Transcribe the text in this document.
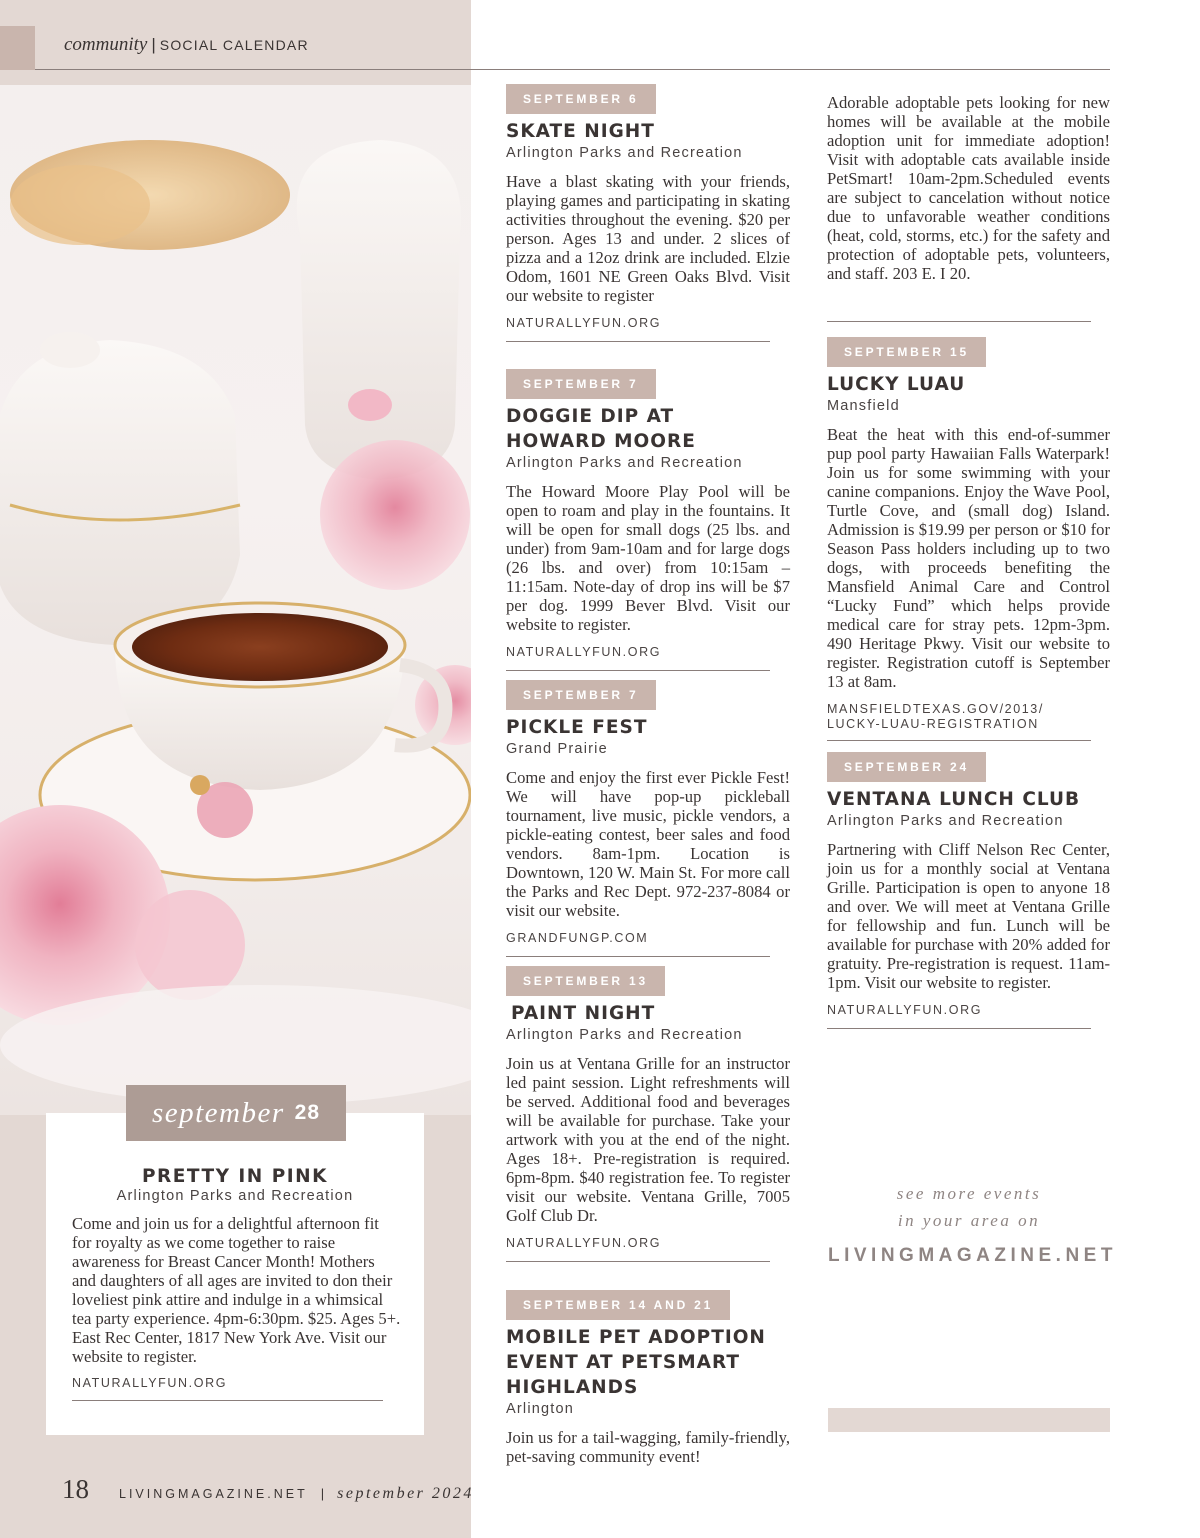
community | SOCIAL CALENDAR
september 28
PRETTY IN PINK
Arlington Parks and Recreation
Come and join us for a delightful afternoon fit for royalty as we come together to raise awareness for Breast Cancer Month! Mothers and daughters of all ages are invited to don their loveliest pink attire and indulge in a whimsical tea party experience. 4pm-6:30pm. $25. Ages 5+. East Rec Center, 1817 New York Ave. Visit our website to register.
NATURALLYFUN.ORG
SEPTEMBER 6
SKATE NIGHT
Arlington Parks and Recreation
Have a blast skating with your friends, playing games and participating in skating activities throughout the evening. $20 per person. Ages 13 and under. 2 slices of pizza and a 12oz drink are included. Elzie Odom, 1601 NE Green Oaks Blvd. Visit our website to register
NATURALLYFUN.ORG
SEPTEMBER 7
DOGGIE DIP AT HOWARD MOORE
Arlington Parks and Recreation
The Howard Moore Play Pool will be open to roam and play in the fountains. It will be open for small dogs (25 lbs. and under) from 9am-10am and for large dogs (26 lbs. and over) from 10:15am – 11:15am. Note-day of drop ins will be $7 per dog. 1999 Bever Blvd. Visit our website to register.
NATURALLYFUN.ORG
SEPTEMBER 7
PICKLE FEST
Grand Prairie
Come and enjoy the first ever Pickle Fest! We will have pop-up pickleball tournament, live music, pickle vendors, a pickle-eating contest, beer sales and food vendors. 8am-1pm. Location is Downtown, 120 W. Main St. For more call the Parks and Rec Dept. 972-237-8084 or visit our website.
GRANDFUNGP.COM
SEPTEMBER 13
PAINT NIGHT
Arlington Parks and Recreation
Join us at Ventana Grille for an instructor led paint session. Light refreshments will be served. Additional food and beverages will be available for purchase. Take your artwork with you at the end of the night. Ages 18+. Pre-registration is required. 6pm-8pm. $40 registration fee. To register visit our website. Ventana Grille, 7005 Golf Club Dr.
NATURALLYFUN.ORG
SEPTEMBER 14 AND 21
MOBILE PET ADOPTION EVENT AT PETSMART HIGHLANDS
Arlington
Join us for a tail-wagging, family-friendly, pet-saving community event!
Adorable adoptable pets looking for new homes will be available at the mobile adoption unit for immediate adoption! Visit with adoptable cats available inside PetSmart! 10am-2pm.Scheduled events are subject to cancelation without notice due to unfavorable weather conditions (heat, cold, storms, etc.) for the safety and protection of adoptable pets, volunteers, and staff. 203 E. I 20.
SEPTEMBER 15
LUCKY LUAU
Mansfield
Beat the heat with this end-of-summer pup pool party Hawaiian Falls Waterpark! Join us for some swimming with your canine companions. Enjoy the Wave Pool, Turtle Cove, and (small dog) Island. Admission is $19.99 per person or $10 for Season Pass holders including up to two dogs, with proceeds benefiting the Mansfield Animal Care and Control “Lucky Fund” which helps provide medical care for stray pets. 12pm-3pm. 490 Heritage Pkwy. Visit our website to register. Registration cutoff is September 13 at 8am.
MANSFIELDTEXAS.GOV/2013/ LUCKY-LUAU-REGISTRATION
SEPTEMBER 24
VENTANA LUNCH CLUB
Arlington Parks and Recreation
Partnering with Cliff Nelson Rec Center, join us for a monthly social at Ventana Grille. Participation is open to anyone 18 and over. We will meet at Ventana Grille for fellowship and fun. Lunch will be available for purchase with 20% added for gratuity. Pre-registration is request. 11am-1pm. Visit our website to register.
NATURALLYFUN.ORG
see more events
in your area on
LIVINGMAGAZINE.NET
18 LIVINGMAGAZINE.NET | september 2024
